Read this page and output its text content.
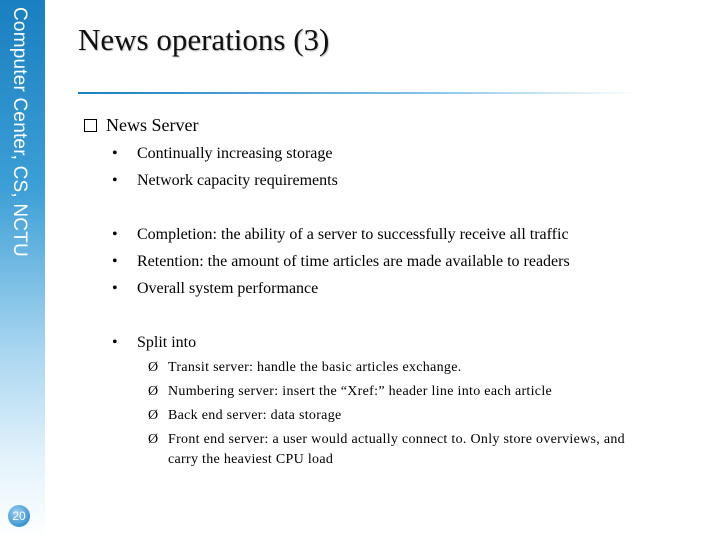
Computer Center, CS, NCTU
20
News operations (3)
News Server
• Continually increasing storage
• Network capacity requirements
• Completion: the ability of a server to successfully receive all traffic
• Retention: the amount of time articles are made available to readers
• Overall system performance
• Split into
Ø Transit server: handle the basic articles exchange.
Ø Numbering server: insert the “Xref:” header line into each article
Ø Back end server: data storage
Ø Front end server: a user would actually connect to. Only store overviews, and
carry the heaviest CPU load
